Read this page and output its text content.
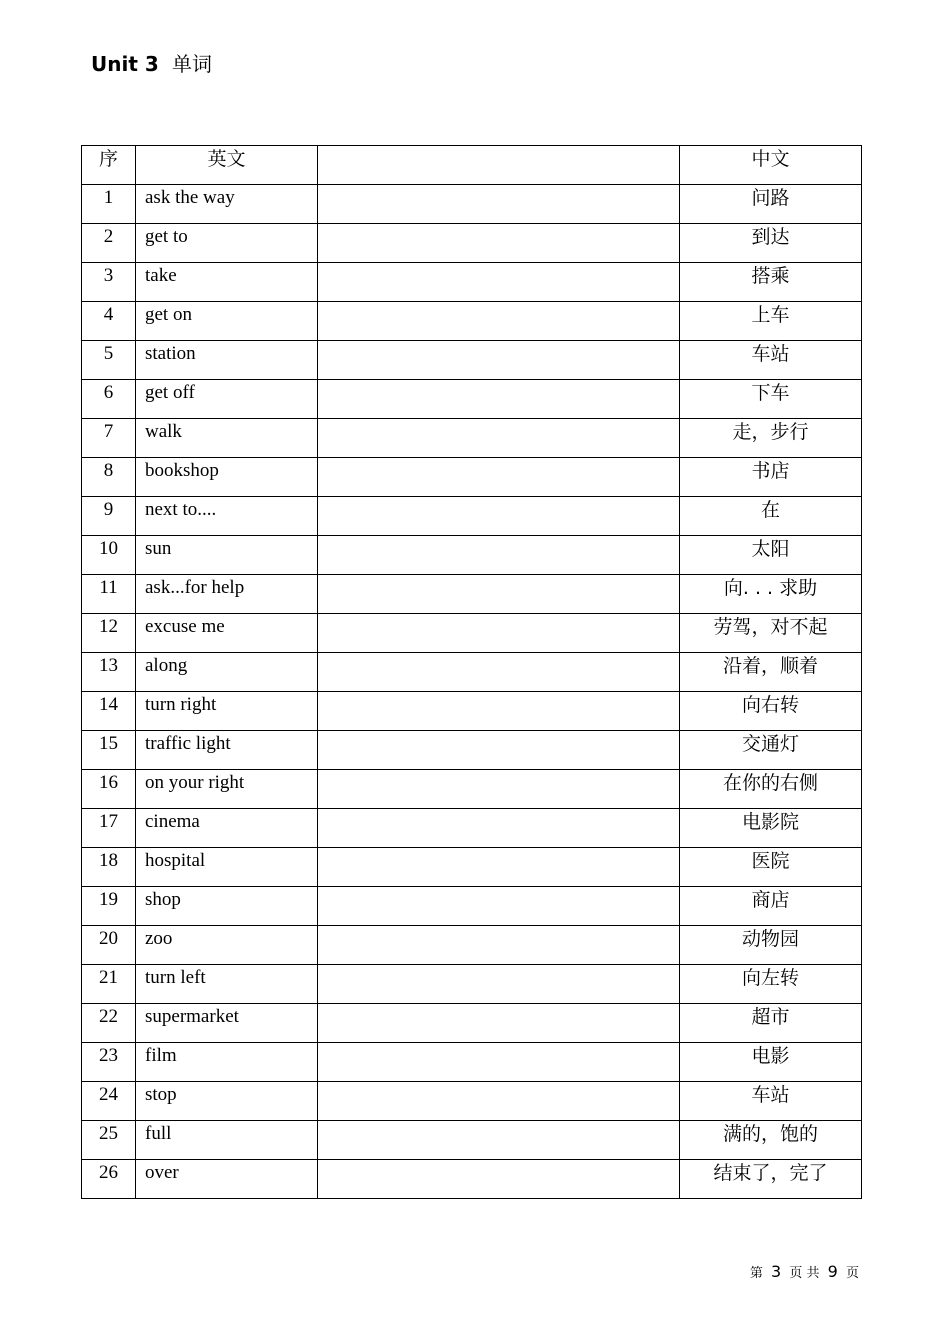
Unit 3 单词
序	英文		中文
1	ask the way		问路
2	get to		到达
3	take		搭乘
4	get on		上车
5	station		车站
6	get off		下车
7	walk		走，步行
8	bookshop		书店
9	next to....		在
10	sun		太阳
11	ask...for help		向. . . 求助
12	excuse me		劳驾，对不起
13	along		沿着，顺着
14	turn right		向右转
15	traffic light		交通灯
16	on your right		在你的右侧
17	cinema		电影院
18	hospital		医院
19	shop		商店
20	zoo		动物园
21	turn left		向左转
22	supermarket		超市
23	film		电影
24	stop		车站
25	full		满的，饱的
26	over		结束了，完了
第 3 页 共 9 页
